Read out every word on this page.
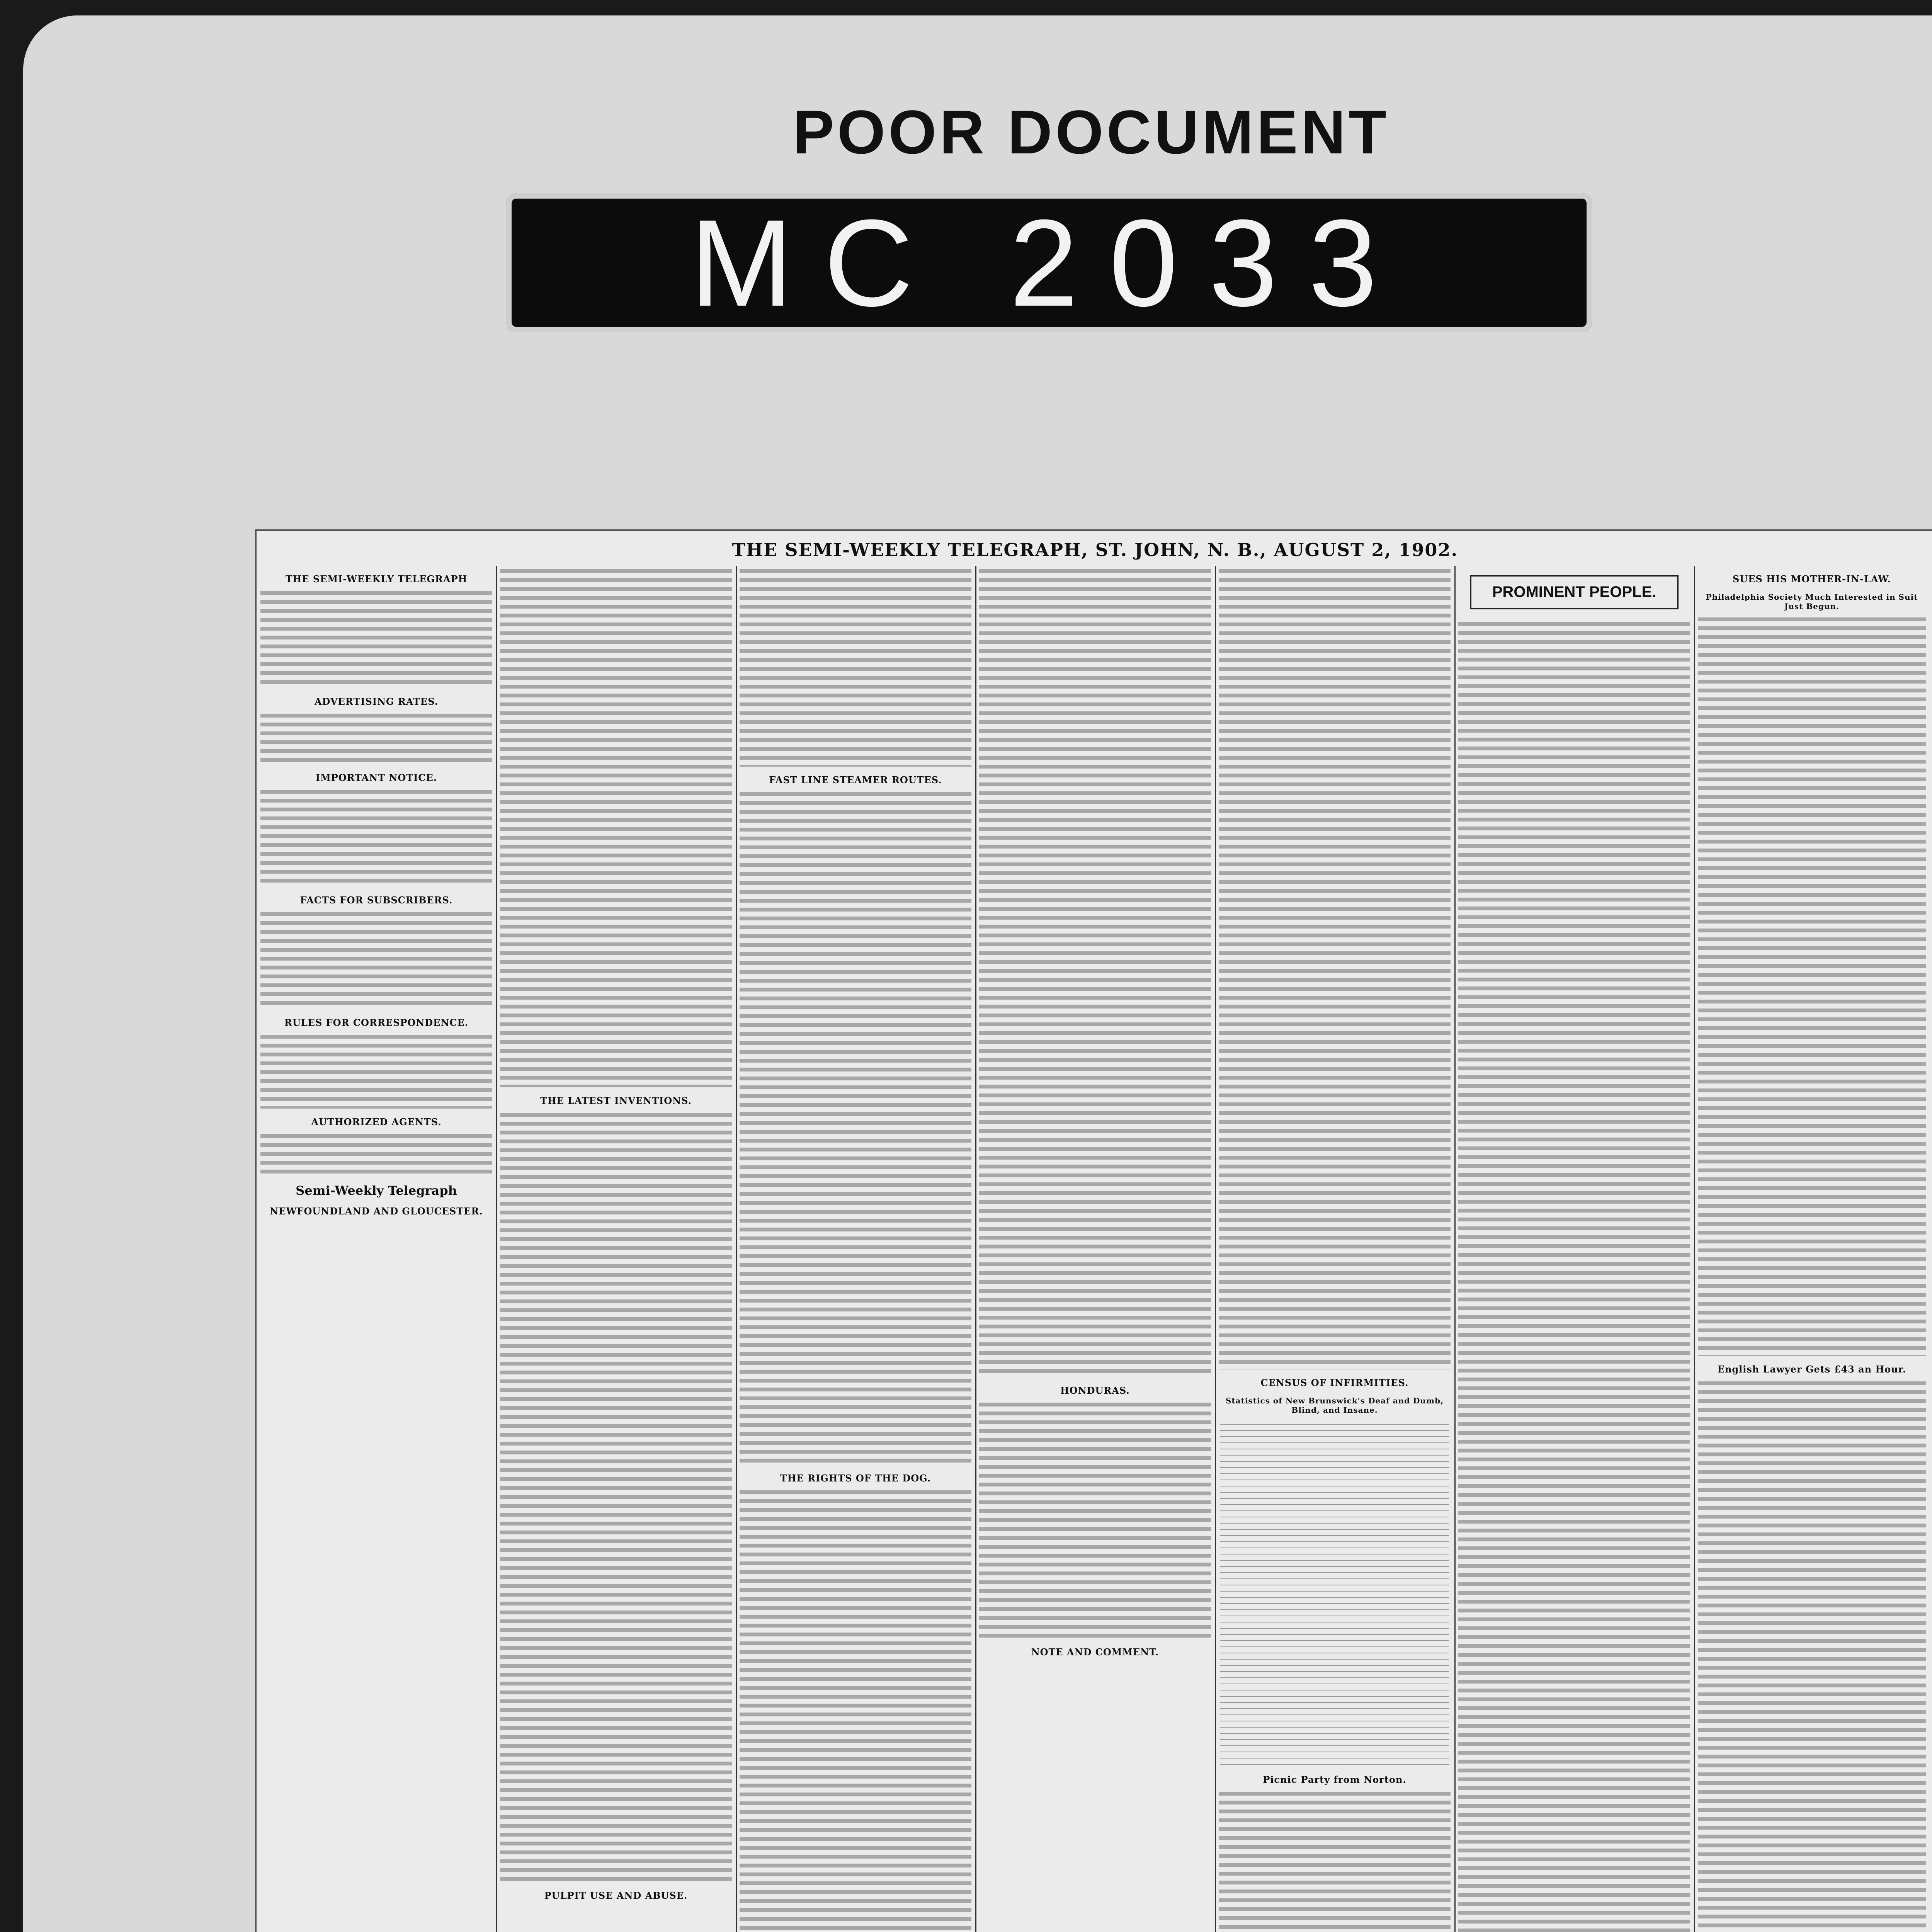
POOR DOCUMENT
MC 2033
THE SEMI-WEEKLY TELEGRAPH, ST. JOHN, N. B., AUGUST 2, 1902.
THE SEMI-WEEKLY TELEGRAPH
ADVERTISING RATES.
IMPORTANT NOTICE.
FACTS FOR SUBSCRIBERS.
RULES FOR CORRESPONDENCE.
AUTHORIZED AGENTS.
Semi-Weekly Telegraph
NEWFOUNDLAND AND GLOUCESTER.
THE LATEST INVENTIONS.
PULPIT USE AND ABUSE.
FAST LINE STEAMER ROUTES.
THE RIGHTS OF THE DOG.
HONDURAS.
NOTE AND COMMENT.
CENSUS OF INFIRMITIES.
Statistics of New Brunswick's Deaf and Dumb, Blind, and Insane.
Picnic Party from Norton.
PROMINENT PEOPLE.
SUES HIS MOTHER-IN-LAW.
Philadelphia Society Much Interested in Suit Just Begun.
English Lawyer Gets £43 an Hour.
